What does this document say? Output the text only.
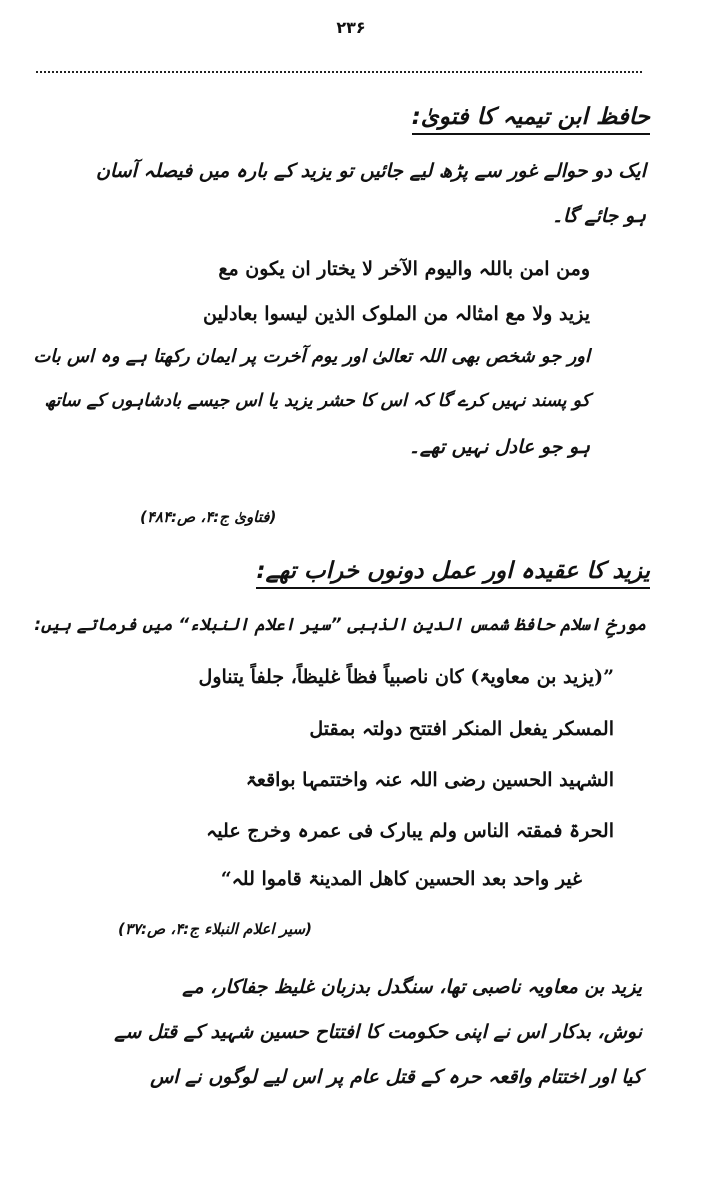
۲۳۶
حافظ ابن تیمیہ کا فتویٰ:
ایک دو حوالے غور سے پڑھ لیے جائیں تو یزید کے بارہ میں فیصلہ آسان
ہو جائے گا۔
ومن امن باللہ والیوم الآخر لا یختار ان یکون مع
یزید ولا مع امثالہ من الملوک الذین لیسوا بعادلین
اور جو شخص بھی اللہ تعالیٰ اور یوم آخرت پر ایمان رکھتا ہے وہ اس بات
کو پسند نہیں کرے گا کہ اس کا حشر یزید یا اس جیسے بادشاہوں کے ساتھ
ہو جو عادل نہیں تھے۔
(فتاویٰ ج:۴، ص:۴۸۴)
یزید کا عقیدہ اور عمل دونوں خراب تھے:
مورخِ اسلام حافظ شمس الدین الذہبی ”سیر اعلام النبلاء“ میں فرماتے ہیں:
”(یزید بن معاویۃ) کان ناصبیاً فظاً غلیظاً، جلفاً یتناول
المسکر یفعل المنکر افتتح دولتہ بمقتل
الشہید الحسین رضی اللہ عنہ واختتمہا بواقعۃ
الحرۃ فمقتہ الناس ولم یبارک فی عمرہ وخرج علیہ
غیر واحد بعد الحسین کاھل المدینۃ قاموا للہ“
(سیر اعلام النبلاء ج:۴، ص:۳۷)
یزید بن معاویہ ناصبی تھا، سنگدل بدزبان غلیظ جفاکار، مے
نوش، بدکار اس نے اپنی حکومت کا افتتاح حسین شہید کے قتل سے
کیا اور اختتام واقعہ حرہ کے قتل عام پر اس لیے لوگوں نے اس
